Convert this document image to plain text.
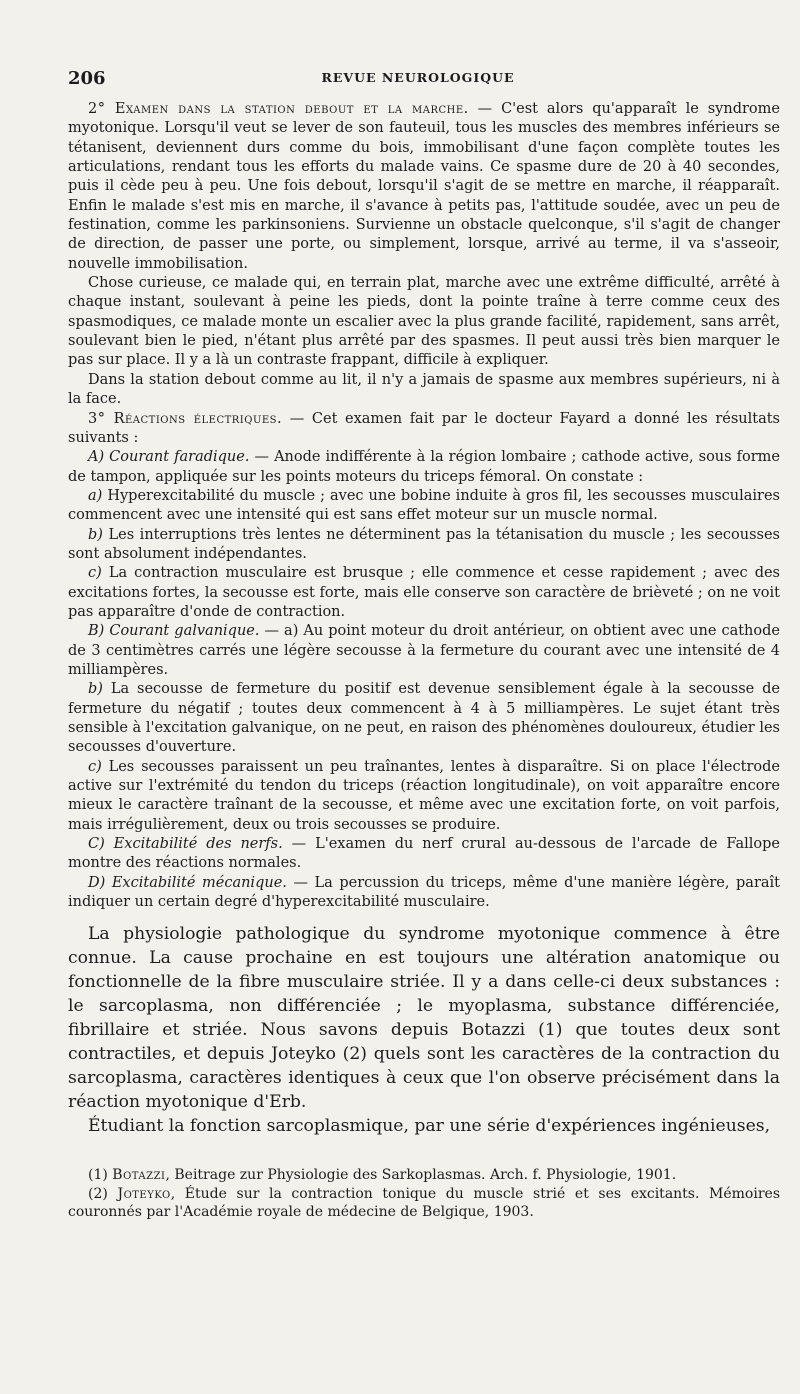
206	REVUE NEUROLOGIQUE

2° Examen dans la station debout et la marche. — C'est alors qu'apparaît le syndrome myotonique. Lorsqu'il veut se lever de son fauteuil, tous les muscles des membres inférieurs se tétanisent, deviennent durs comme du bois, immobilisant d'une façon complète toutes les articulations, rendant tous les efforts du malade vains. Ce spasme dure de 20 à 40 secondes, puis il cède peu à peu. Une fois debout, lorsqu'il s'agit de se mettre en marche, il réapparaît. Enfin le malade s'est mis en marche, il s'avance à petits pas, l'attitude soudée, avec un peu de festination, comme les parkinsoniens. Survienne un obstacle quelconque, s'il s'agit de changer de direction, de passer une porte, ou simplement, lorsque, arrivé au terme, il va s'asseoir, nouvelle immobilisation.

Chose curieuse, ce malade qui, en terrain plat, marche avec une extrême difficulté, arrêté à chaque instant, soulevant à peine les pieds, dont la pointe traîne à terre comme ceux des spasmodiques, ce malade monte un escalier avec la plus grande facilité, rapidement, sans arrêt, soulevant bien le pied, n'étant plus arrêté par des spasmes. Il peut aussi très bien marquer le pas sur place. Il y a là un contraste frappant, difficile à expliquer.

Dans la station debout comme au lit, il n'y a jamais de spasme aux membres supérieurs, ni à la face.

3° Réactions électriques. — Cet examen fait par le docteur Fayard a donné les résultats suivants :

A) Courant faradique. — Anode indifférente à la région lombaire ; cathode active, sous forme de tampon, appliquée sur les points moteurs du triceps fémoral. On constate :

a) Hyperexcitabilité du muscle ; avec une bobine induite à gros fil, les secousses musculaires commencent avec une intensité qui est sans effet moteur sur un muscle normal.

b) Les interruptions très lentes ne déterminent pas la tétanisation du muscle ; les secousses sont absolument indépendantes.

c) La contraction musculaire est brusque ; elle commence et cesse rapidement ; avec des excitations fortes, la secousse est forte, mais elle conserve son caractère de brièveté ; on ne voit pas apparaître d'onde de contraction.

B) Courant galvanique. — a) Au point moteur du droit antérieur, on obtient avec une cathode de 3 centimètres carrés une légère secousse à la fermeture du courant avec une intensité de 4 milliampères.

b) La secousse de fermeture du positif est devenue sensiblement égale à la secousse de fermeture du négatif ; toutes deux commencent à 4 à 5 milliampères. Le sujet étant très sensible à l'excitation galvanique, on ne peut, en raison des phénomènes douloureux, étudier les secousses d'ouverture.

c) Les secousses paraissent un peu traînantes, lentes à disparaître. Si on place l'électrode active sur l'extrémité du tendon du triceps (réaction longitudinale), on voit apparaître encore mieux le caractère traînant de la secousse, et même avec une excitation forte, on voit parfois, mais irrégulièrement, deux ou trois secousses se produire.

C) Excitabilité des nerfs. — L'examen du nerf crural au-dessous de l'arcade de Fallope montre des réactions normales.

D) Excitabilité mécanique. — La percussion du triceps, même d'une manière légère, paraît indiquer un certain degré d'hyperexcitabilité musculaire.

La physiologie pathologique du syndrome myotonique commence à être connue. La cause prochaine en est toujours une altération anatomique ou fonctionnelle de la fibre musculaire striée. Il y a dans celle-ci deux substances : le sarcoplasma, non différenciée ; le myoplasma, substance différenciée, fibrillaire et striée. Nous savons depuis Botazzi (1) que toutes deux sont contractiles, et depuis Joteyko (2) quels sont les caractères de la contraction du sarcoplasma, caractères identiques à ceux que l'on observe précisément dans la réaction myotonique d'Erb.

Étudiant la fonction sarcoplasmique, par une série d'expériences ingénieuses,

(1) Botazzi, Beitrage zur Physiologie des Sarkoplasmas. Arch. f. Physiologie, 1901.

(2) Joteyko, Étude sur la contraction tonique du muscle strié et ses excitants. Mémoires couronnés par l'Académie royale de médecine de Belgique, 1903.
